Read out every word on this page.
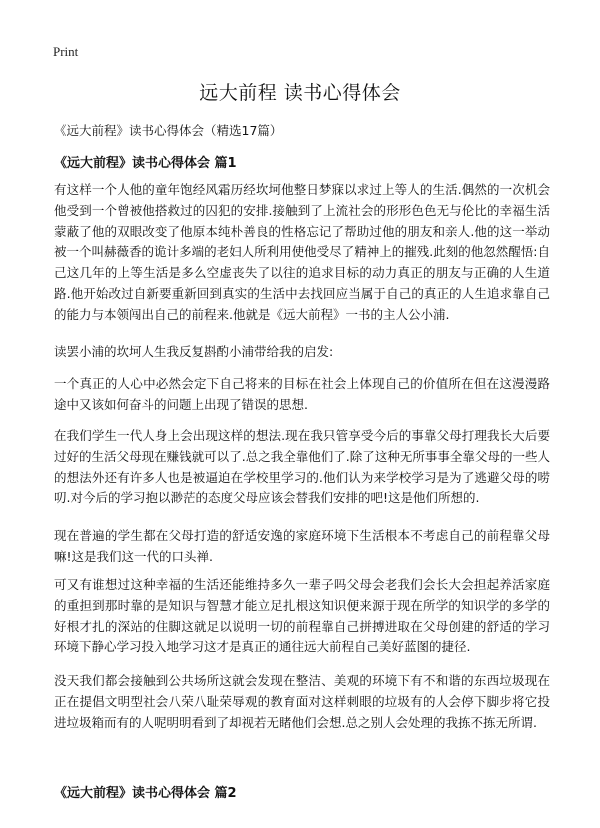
Print
远大前程 读书心得体会

《远大前程》读书心得体会（精选17篇）

《远大前程》读书心得体会 篇1

有这样一个人他的童年饱经风霜历经坎坷他整日梦寐以求过上等人的生活.偶然的一次机会他受到一个曾被他搭救过的囚犯的安排.接触到了上流社会的形形色色无与伦比的幸福生活蒙蔽了他的双眼改变了他原本纯朴善良的性格忘记了帮助过他的朋友和亲人.他的这一举动被一个叫赫薇香的诡计多端的老妇人所利用使他受尽了精神上的摧残.此刻的他忽然醒悟:自己这几年的上等生活是多么空虚丧失了以往的追求目标的动力真正的朋友与正确的人生道路.他开始改过自新要重新回到真实的生活中去找回应当属于自己的真正的人生追求靠自己的能力与本领闯出自己的前程来.他就是《远大前程》一书的主人公小浦.

读罢小浦的坎坷人生我反复斟酌小浦带给我的启发:

一个真正的人心中必然会定下自己将来的目标在社会上体现自己的价值所在但在这漫漫路途中又该如何奋斗的问题上出现了错误的思想.

在我们学生一代人身上会出现这样的想法.现在我只管享受今后的事靠父母打理我长大后要过好的生活父母现在赚钱就可以了.总之我全靠他们了.除了这种无所事事全靠父母的一些人的想法外还有许多人也是被逼迫在学校里学习的.他们认为来学校学习是为了逃避父母的唠叨.对今后的学习抱以渺茫的态度父母应该会替我们安排的吧!这是他们所想的.

现在普遍的学生都在父母打造的舒适安逸的家庭环境下生活根本不考虑自己的前程靠父母嘛!这是我们这一代的口头禅.

可又有谁想过这种幸福的生活还能维持多久一辈子吗父母会老我们会长大会担起养活家庭的重担到那时靠的是知识与智慧才能立足扎根这知识便来源于现在所学的知识学的多学的好根才扎的深站的住脚这就足以说明一切的前程靠自己拼搏进取在父母创建的舒适的学习环境下静心学习投入地学习这才是真正的通往远大前程自己美好蓝图的捷径.

没天我们都会接触到公共场所这就会发现在整洁、美观的环境下有不和谐的东西垃圾现在正在提倡文明型社会八荣八耻荣辱观的教育面对这样刺眼的垃圾有的人会停下脚步将它投进垃圾箱而有的人呢明明看到了却视若无睹他们会想.总之别人会处理的我拣不拣无所谓.

《远大前程》读书心得体会 篇2
